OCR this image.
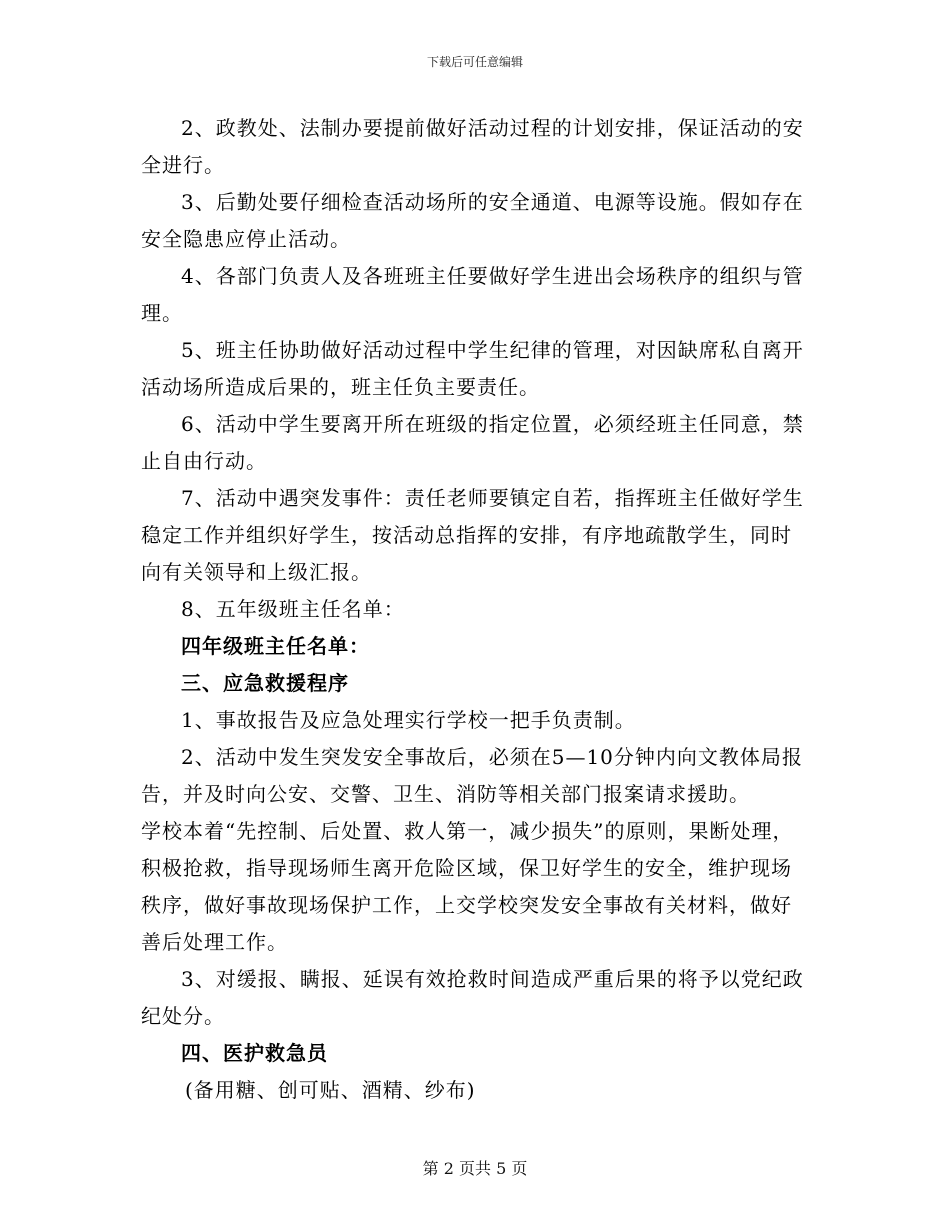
下载后可任意编辑

2、政教处、法制办要提前做好活动过程的计划安排，保证活动的安全进行。

3、后勤处要仔细检查活动场所的安全通道、电源等设施。假如存在安全隐患应停止活动。

4、各部门负责人及各班班主任要做好学生进出会场秩序的组织与管理。

5、班主任协助做好活动过程中学生纪律的管理，对因缺席私自离开活动场所造成后果的，班主任负主要责任。

6、活动中学生要离开所在班级的指定位置，必须经班主任同意，禁止自由行动。

7、活动中遇突发事件：责任老师要镇定自若，指挥班主任做好学生稳定工作并组织好学生，按活动总指挥的安排，有序地疏散学生，同时向有关领导和上级汇报。

8、五年级班主任名单：

四年级班主任名单：

三、应急救援程序

1、事故报告及应急处理实行学校一把手负责制。

2、活动中发生突发安全事故后，必须在5—10分钟内向文教体局报告，并及时向公安、交警、卫生、消防等相关部门报案请求援助。

学校本着“先控制、后处置、救人第一，减少损失”的原则，果断处理，积极抢救，指导现场师生离开危险区域，保卫好学生的安全，维护现场秩序，做好事故现场保护工作，上交学校突发安全事故有关材料，做好善后处理工作。

3、对缓报、瞒报、延误有效抢救时间造成严重后果的将予以党纪政纪处分。

四、医护救急员

(备用糖、创可贴、酒精、纱布)

第 2 页共 5 页
